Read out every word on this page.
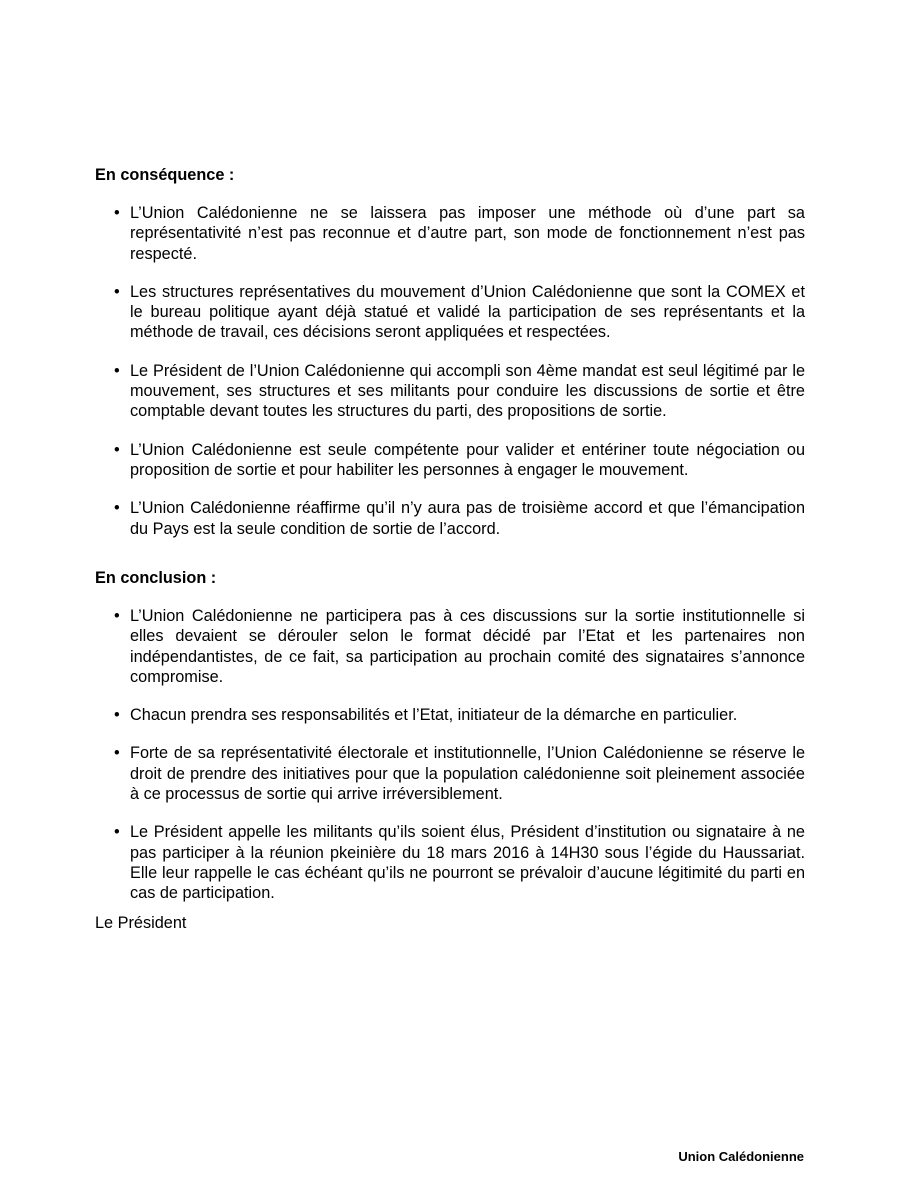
En conséquence :

• L’Union Calédonienne ne se laissera pas imposer une méthode où d’une part sa représentativité n’est pas reconnue et d’autre part, son mode de fonctionnement n’est pas respecté.

• Les structures représentatives du mouvement d’Union Calédonienne que sont la COMEX et le bureau politique ayant déjà statué et validé la participation de ses représentants et la méthode de travail, ces décisions seront appliquées et respectées.

• Le Président de l’Union Calédonienne qui accompli son 4ème mandat est seul légitimé par le mouvement, ses structures et ses militants pour conduire les discussions de sortie et être comptable devant toutes les structures du parti, des propositions de sortie.

• L’Union Calédonienne est seule compétente pour valider et entériner toute négociation ou proposition de sortie et pour habiliter les personnes à engager le mouvement.

• L’Union Calédonienne réaffirme qu’il n’y aura pas de troisième accord et que l’émancipation du Pays est la seule condition de sortie de l’accord.

En conclusion :

• L’Union Calédonienne ne participera pas à ces discussions sur la sortie institutionnelle si elles devaient se dérouler selon le format décidé par l’Etat et les partenaires non indépendantistes, de ce fait, sa participation au prochain comité des signataires s’annonce compromise.

• Chacun prendra ses responsabilités et l’Etat, initiateur de la démarche en particulier.

• Forte de sa représentativité électorale et institutionnelle, l’Union Calédonienne se réserve le droit de prendre des initiatives pour que la population calédonienne soit pleinement associée à ce processus de sortie qui arrive irréversiblement.

• Le Président appelle les militants qu’ils soient élus, Président d’institution ou signataire à ne pas participer à la réunion pkeinière du 18 mars 2016 à 14H30 sous l’égide du Haussariat. Elle leur rappelle le cas échéant qu’ils ne pourront se prévaloir d’aucune légitimité du parti en cas de participation.

Le Président

Union Calédonienne
